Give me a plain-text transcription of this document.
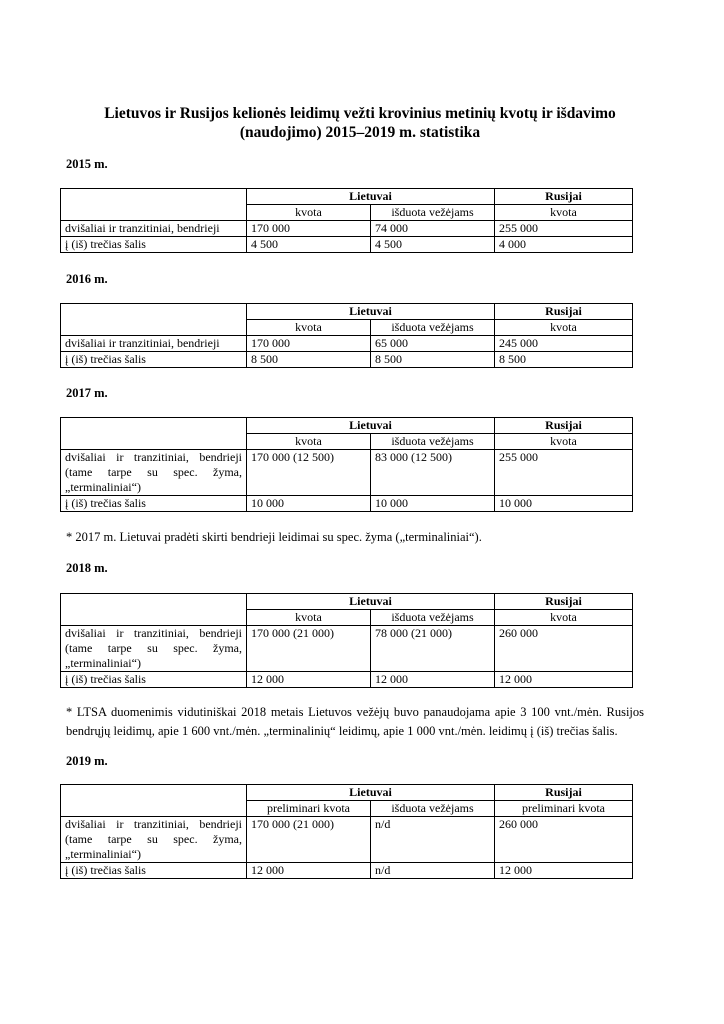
Lietuvos ir Rusijos kelionės leidimų vežti krovinius metinių kvotų ir išdavimo
(naudojimo) 2015–2019 m. statistika
2015 m.
	Lietuvai		Rusijai
	kvota	išduota vežėjams	kvota
dvišaliai ir tranzitiniai, bendrieji	170 000	74 000	255 000
į (iš) trečias šalis	4 500	4 500	4 000
2016 m.
	Lietuvai		Rusijai
	kvota	išduota vežėjams	kvota
dvišaliai ir tranzitiniai, bendrieji	170 000	65 000	245 000
į (iš) trečias šalis	8 500	8 500	8 500
2017 m.
	Lietuvai		Rusijai
	kvota	išduota vežėjams	kvota
dvišaliai ir tranzitiniai, bendrieji (tame tarpe su spec. žyma, „terminaliniai“)	170 000 (12 500)	83 000 (12 500)	255 000
į (iš) trečias šalis	10 000	10 000	10 000
* 2017 m. Lietuvai pradėti skirti bendrieji leidimai su spec. žyma („terminaliniai“).
2018 m.
	Lietuvai		Rusijai
	kvota	išduota vežėjams	kvota
dvišaliai ir tranzitiniai, bendrieji (tame tarpe su spec. žyma, „terminaliniai“)	170 000 (21 000)	78 000 (21 000)	260 000
į (iš) trečias šalis	12 000	12 000	12 000
* LTSA duomenimis vidutiniškai 2018 metais Lietuvos vežėjų buvo panaudojama apie 3 100 vnt./mėn. Rusijos bendrųjų leidimų, apie 1 600 vnt./mėn. „terminalinių“ leidimų, apie 1 000 vnt./mėn. leidimų į (iš) trečias šalis.
2019 m.
	Lietuvai		Rusijai
	preliminari kvota	išduota vežėjams	preliminari kvota
dvišaliai ir tranzitiniai, bendrieji (tame tarpe su spec. žyma, „terminaliniai“)	170 000 (21 000)	n/d	260 000
į (iš) trečias šalis	12 000	n/d	12 000
